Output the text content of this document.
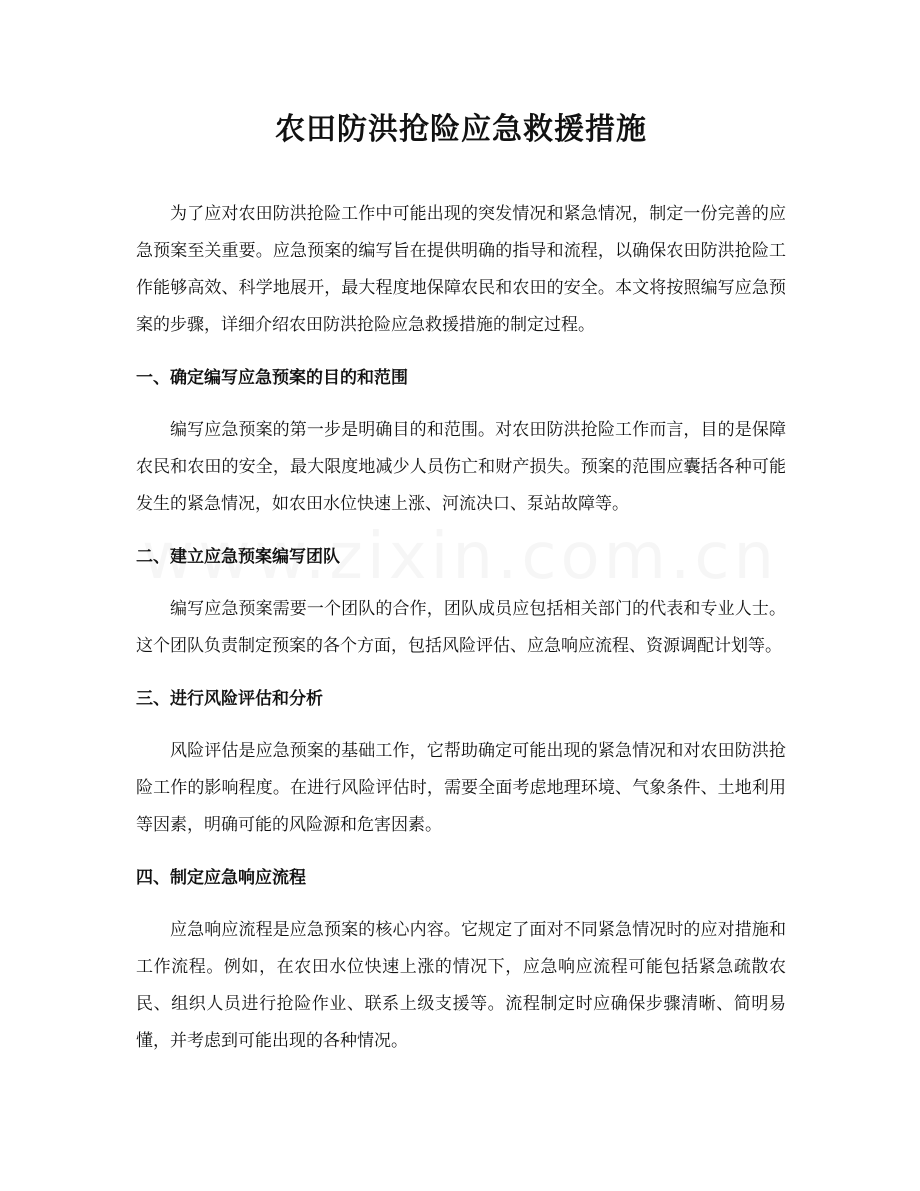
农田防洪抢险应急救援措施

为了应对农田防洪抢险工作中可能出现的突发情况和紧急情况，制定一份完善的应急预案至关重要。应急预案的编写旨在提供明确的指导和流程，以确保农田防洪抢险工作能够高效、科学地展开，最大程度地保障农民和农田的安全。本文将按照编写应急预案的步骤，详细介绍农田防洪抢险应急救援措施的制定过程。

一、确定编写应急预案的目的和范围

编写应急预案的第一步是明确目的和范围。对农田防洪抢险工作而言，目的是保障农民和农田的安全，最大限度地减少人员伤亡和财产损失。预案的范围应囊括各种可能发生的紧急情况，如农田水位快速上涨、河流决口、泵站故障等。

二、建立应急预案编写团队

编写应急预案需要一个团队的合作，团队成员应包括相关部门的代表和专业人士。这个团队负责制定预案的各个方面，包括风险评估、应急响应流程、资源调配计划等。

三、进行风险评估和分析

风险评估是应急预案的基础工作，它帮助确定可能出现的紧急情况和对农田防洪抢险工作的影响程度。在进行风险评估时，需要全面考虑地理环境、气象条件、土地利用等因素，明确可能的风险源和危害因素。

四、制定应急响应流程

应急响应流程是应急预案的核心内容。它规定了面对不同紧急情况时的应对措施和工作流程。例如，在农田水位快速上涨的情况下，应急响应流程可能包括紧急疏散农民、组织人员进行抢险作业、联系上级支援等。流程制定时应确保步骤清晰、简明易懂，并考虑到可能出现的各种情况。
